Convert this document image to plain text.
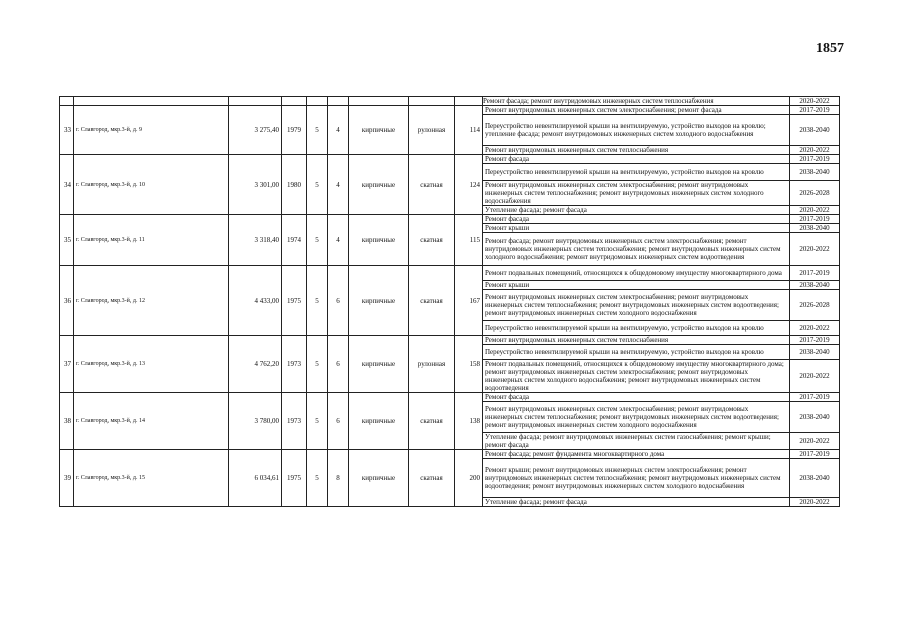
1857
									Ремонт фасада; ремонт внутридомовых инженерных систем теплоснабжения	2020-2022
33	г. Славгород, мкр.3-й, д. 9	3 275,40	1979	5	4	кирпичные	рулонная	114	Ремонт внутридомовых инженерных систем электроснабжения; ремонт фасада	2017-2019
									Переустройство невентилируемой крыши на вентилируемую, устройство выходов на кровлю; утепление фасада; ремонт внутридомовых инженерных систем холодного водоснабжения	2038-2040
									Ремонт внутридомовых инженерных систем теплоснабжения	2020-2022
34	г. Славгород, мкр.3-й, д. 10	3 301,00	1980	5	4	кирпичные	скатная	124	Ремонт фасада	2017-2019
									Переустройство невентилируемой крыши на вентилируемую, устройство выходов на кровлю	2038-2040
									Ремонт внутридомовых инженерных систем электроснабжения; ремонт внутридомовых инженерных систем теплоснабжения; ремонт внутридомовых инженерных систем холодного водоснабжения	2026-2028
									Утепление фасада; ремонт фасада	2020-2022
35	г. Славгород, мкр.3-й, д. 11	3 318,40	1974	5	4	кирпичные	скатная	115	Ремонт фасада	2017-2019
									Ремонт крыши	2038-2040
									Ремонт фасада; ремонт внутридомовых инженерных систем электроснабжения; ремонт внутридомовых инженерных систем теплоснабжения; ремонт внутридомовых инженерных систем холодного водоснабжения; ремонт внутридомовых инженерных систем водоотведения	2020-2022
36	г. Славгород, мкр.3-й, д. 12	4 433,00	1975	5	6	кирпичные	скатная	167	Ремонт подвальных помещений, относящихся к общедомовому имуществу многоквартирного дома	2017-2019
									Ремонт крыши	2038-2040
									Ремонт внутридомовых инженерных систем электроснабжения; ремонт внутридомовых инженерных систем теплоснабжения; ремонт внутридомовых инженерных систем водоотведения; ремонт внутридомовых инженерных систем холодного водоснабжения	2026-2028
									Переустройство невентилируемой крыши на вентилируемую, устройство выходов на кровлю	2020-2022
37	г. Славгород, мкр.3-й, д. 13	4 762,20	1973	5	6	кирпичные	рулонная	158	Ремонт внутридомовых инженерных систем теплоснабжения	2017-2019
									Переустройство невентилируемой крыши на вентилируемую, устройство выходов на кровлю	2038-2040
									Ремонт подвальных помещений, относящихся к общедомовому имуществу многоквартирного дома; ремонт внутридомовых инженерных систем электроснабжения; ремонт внутридомовых инженерных систем холодного водоснабжения; ремонт внутридомовых инженерных систем водоотведения	2020-2022
38	г. Славгород, мкр.3-й, д. 14	3 780,00	1973	5	6	кирпичные	скатная	138	Ремонт фасада	2017-2019
									Ремонт внутридомовых инженерных систем электроснабжения; ремонт внутридомовых инженерных систем теплоснабжения; ремонт внутридомовых инженерных систем водоотведения; ремонт внутридомовых инженерных систем холодного водоснабжения	2038-2040
									Утепление фасада; ремонт внутридомовых инженерных систем газоснабжения; ремонт крыши; ремонт фасада	2020-2022
39	г. Славгород, мкр.3-й, д. 15	6 034,61	1975	5	8	кирпичные	скатная	200	Ремонт фасада; ремонт фундамента многоквартирного дома	2017-2019
									Ремонт крыши; ремонт внутридомовых инженерных систем электроснабжения; ремонт внутридомовых инженерных систем теплоснабжения; ремонт внутридомовых инженерных систем водоотведения; ремонт внутридомовых инженерных систем холодного водоснабжения	2038-2040
									Утепление фасада; ремонт фасада	2020-2022
